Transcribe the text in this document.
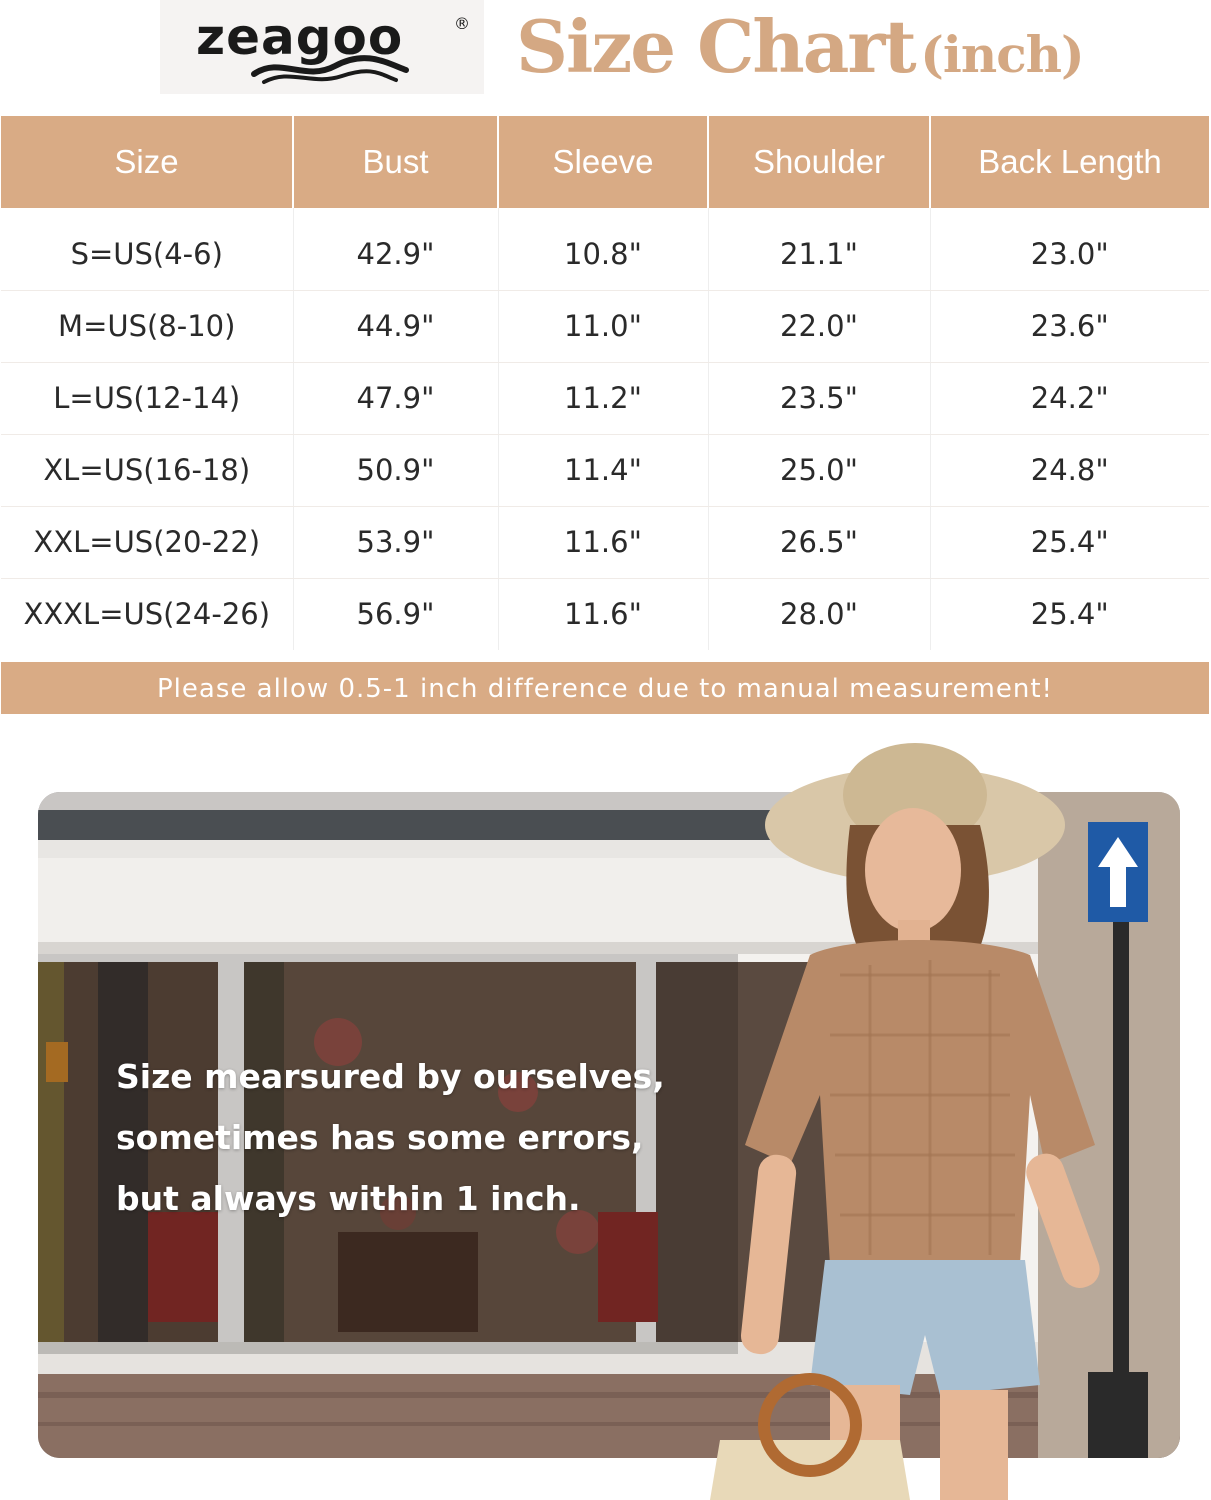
zeagoo	® Size Chart (inch)
Size	Bust	Sleeve	Shoulder	Back Length
S=US(4-6)	42.9"	10.8"	21.1"	23.0"
M=US(8-10)	44.9"	11.0"	22.0"	23.6"
L=US(12-14)	47.9"	11.2"	23.5"	24.2"
XL=US(16-18)	50.9"	11.4"	25.0"	24.8"
XXL=US(20-22)	53.9"	11.6"	26.5"	25.4"
XXXL=US(24-26)	56.9"	11.6"	28.0"	25.4"
Please allow 0.5-1 inch difference due to manual measurement!
Size mearsured by ourselves,
sometimes has some errors,
but always within 1 inch.
